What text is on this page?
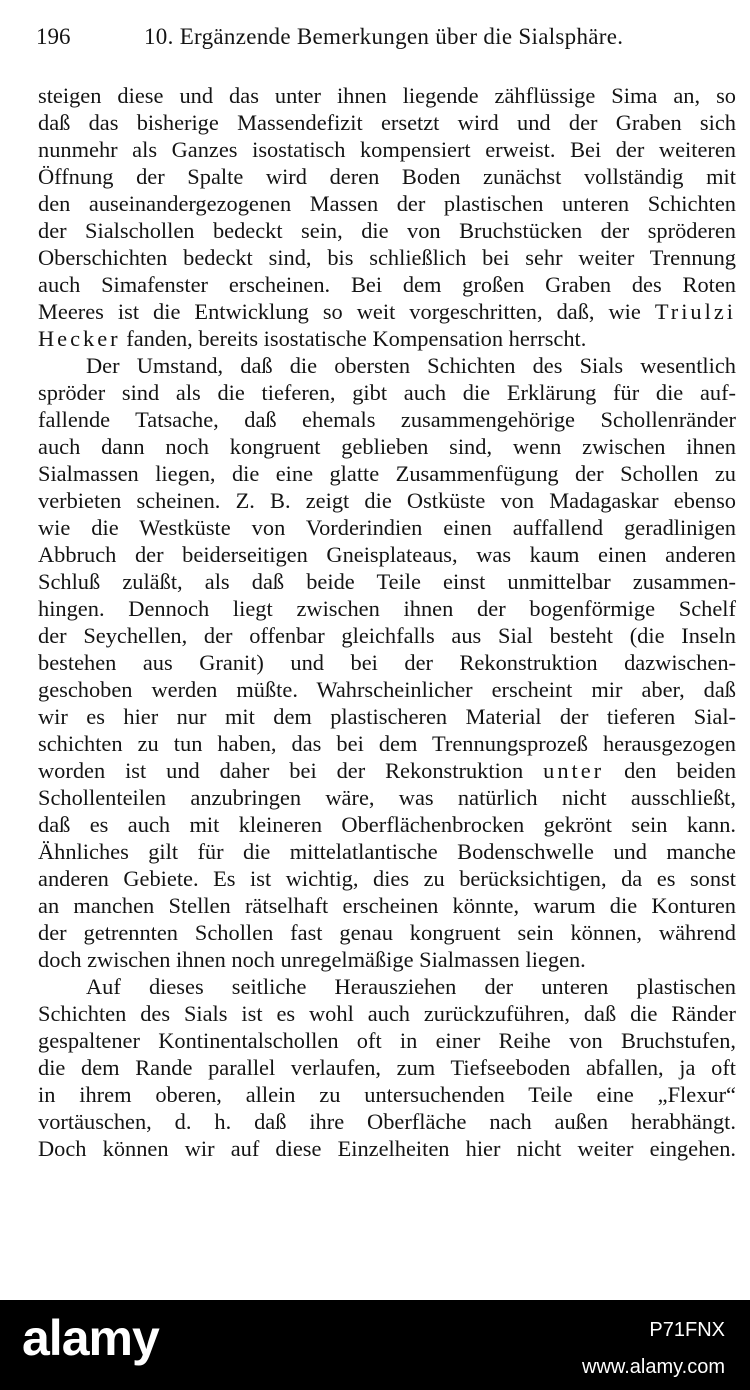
196	10. Ergänzende Bemerkungen über die Sialsphäre.
steigen diese und das unter ihnen liegende zähflüssige Sima an, so
daß das bisherige Massendefizit ersetzt wird und der Graben sich
nunmehr als Ganzes isostatisch kompensiert erweist. Bei der weiteren
Öffnung der Spalte wird deren Boden zunächst vollständig mit
den auseinandergezogenen Massen der plastischen unteren Schichten
der Sialschollen bedeckt sein, die von Bruchstücken der spröderen
Oberschichten bedeckt sind, bis schließlich bei sehr weiter Trennung
auch Simafenster erscheinen. Bei dem großen Graben des Roten
Meeres ist die Entwicklung so weit vorgeschritten, daß, wie Triulzi
Hecker fanden, bereits isostatische Kompensation herrscht.
Der Umstand, daß die obersten Schichten des Sials wesentlich
spröder sind als die tieferen, gibt auch die Erklärung für die auf-
fallende Tatsache, daß ehemals zusammengehörige Schollenränder
auch dann noch kongruent geblieben sind, wenn zwischen ihnen
Sialmassen liegen, die eine glatte Zusammenfügung der Schollen zu
verbieten scheinen. Z. B. zeigt die Ostküste von Madagaskar ebenso
wie die Westküste von Vorderindien einen auffallend geradlinigen
Abbruch der beiderseitigen Gneisplateaus, was kaum einen anderen
Schluß zuläßt, als daß beide Teile einst unmittelbar zusammen-
hingen. Dennoch liegt zwischen ihnen der bogenförmige Schelf
der Seychellen, der offenbar gleichfalls aus Sial besteht (die Inseln
bestehen aus Granit) und bei der Rekonstruktion dazwischen-
geschoben werden müßte. Wahrscheinlicher erscheint mir aber, daß
wir es hier nur mit dem plastischeren Material der tieferen Sial-
schichten zu tun haben, das bei dem Trennungsprozeß herausgezogen
worden ist und daher bei der Rekonstruktion unter den beiden
Schollenteilen anzubringen wäre, was natürlich nicht ausschließt,
daß es auch mit kleineren Oberflächenbrocken gekrönt sein kann.
Ähnliches gilt für die mittelatlantische Bodenschwelle und manche
anderen Gebiete. Es ist wichtig, dies zu berücksichtigen, da es sonst
an manchen Stellen rätselhaft erscheinen könnte, warum die Konturen
der getrennten Schollen fast genau kongruent sein können, während
doch zwischen ihnen noch unregelmäßige Sialmassen liegen.
Auf dieses seitliche Herausziehen der unteren plastischen
Schichten des Sials ist es wohl auch zurückzuführen, daß die Ränder
gespaltener Kontinentalschollen oft in einer Reihe von Bruchstufen,
die dem Rande parallel verlaufen, zum Tiefseeboden abfallen, ja oft
in ihrem oberen, allein zu untersuchenden Teile eine „Flexur“
vortäuschen, d. h. daß ihre Oberfläche nach außen herabhängt.
Doch können wir auf diese Einzelheiten hier nicht weiter eingehen.
alamy	P71FNX
www.alamy.com
